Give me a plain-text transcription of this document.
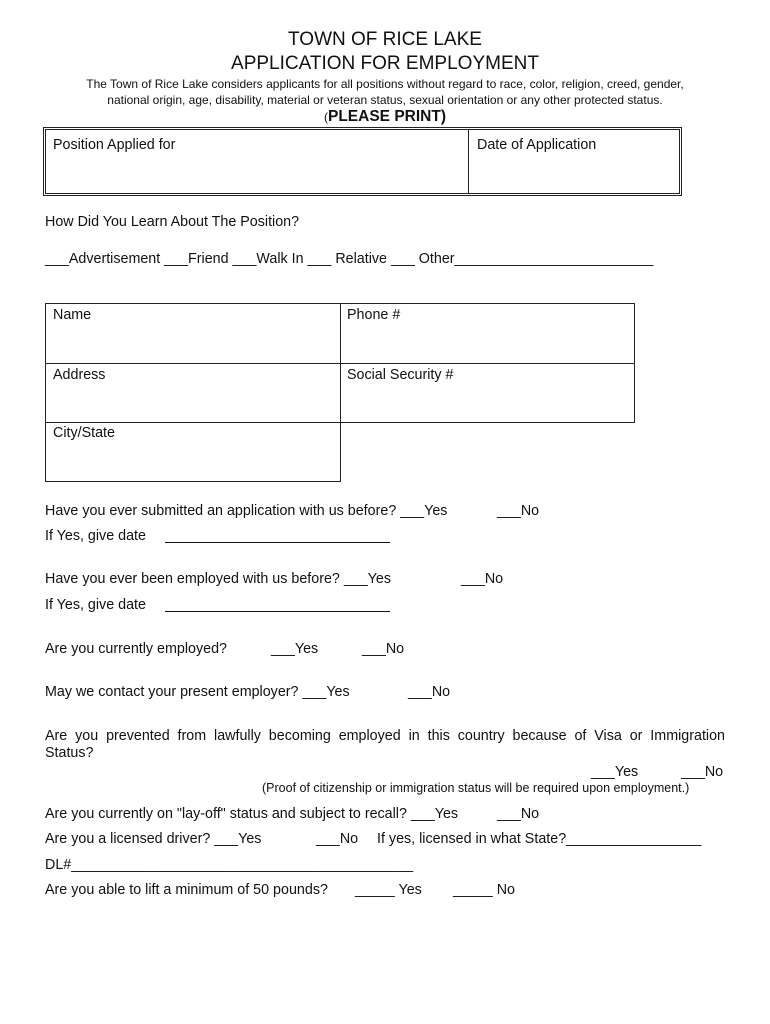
TOWN OF RICE LAKE
APPLICATION FOR EMPLOYMENT
The Town of Rice Lake considers applicants for all positions without regard to race, color, religion, creed, gender,
national origin, age, disability, material or veteran status, sexual orientation or any other protected status.
(PLEASE PRINT)
Position Applied for	Date of Application
How Did You Learn About The Position?
___Advertisement ___Friend ___Walk In ___ Relative ___ Other_________________________
Name	Phone #
Address	Social Security #
City/State
Have you ever submitted an application with us before? ___Yes	___No
If Yes, give date
Have you ever been employed with us before? ___Yes	___No
If Yes, give date
Are you currently employed?	___Yes	___No
May we contact your present employer? ___Yes	___No
Are you prevented from lawfully becoming employed in this country because of Visa or Immigration
Status?
___Yes	___No
(Proof of citizenship or immigration status will be required upon employment.)
Are you currently on "lay-off" status and subject to recall? ___Yes	___No
Are you a licensed driver? ___Yes	___No If yes, licensed in what State?_________________
DL#___________________________________________
Are you able to lift a minimum of 50 pounds? _____ Yes _____ No
